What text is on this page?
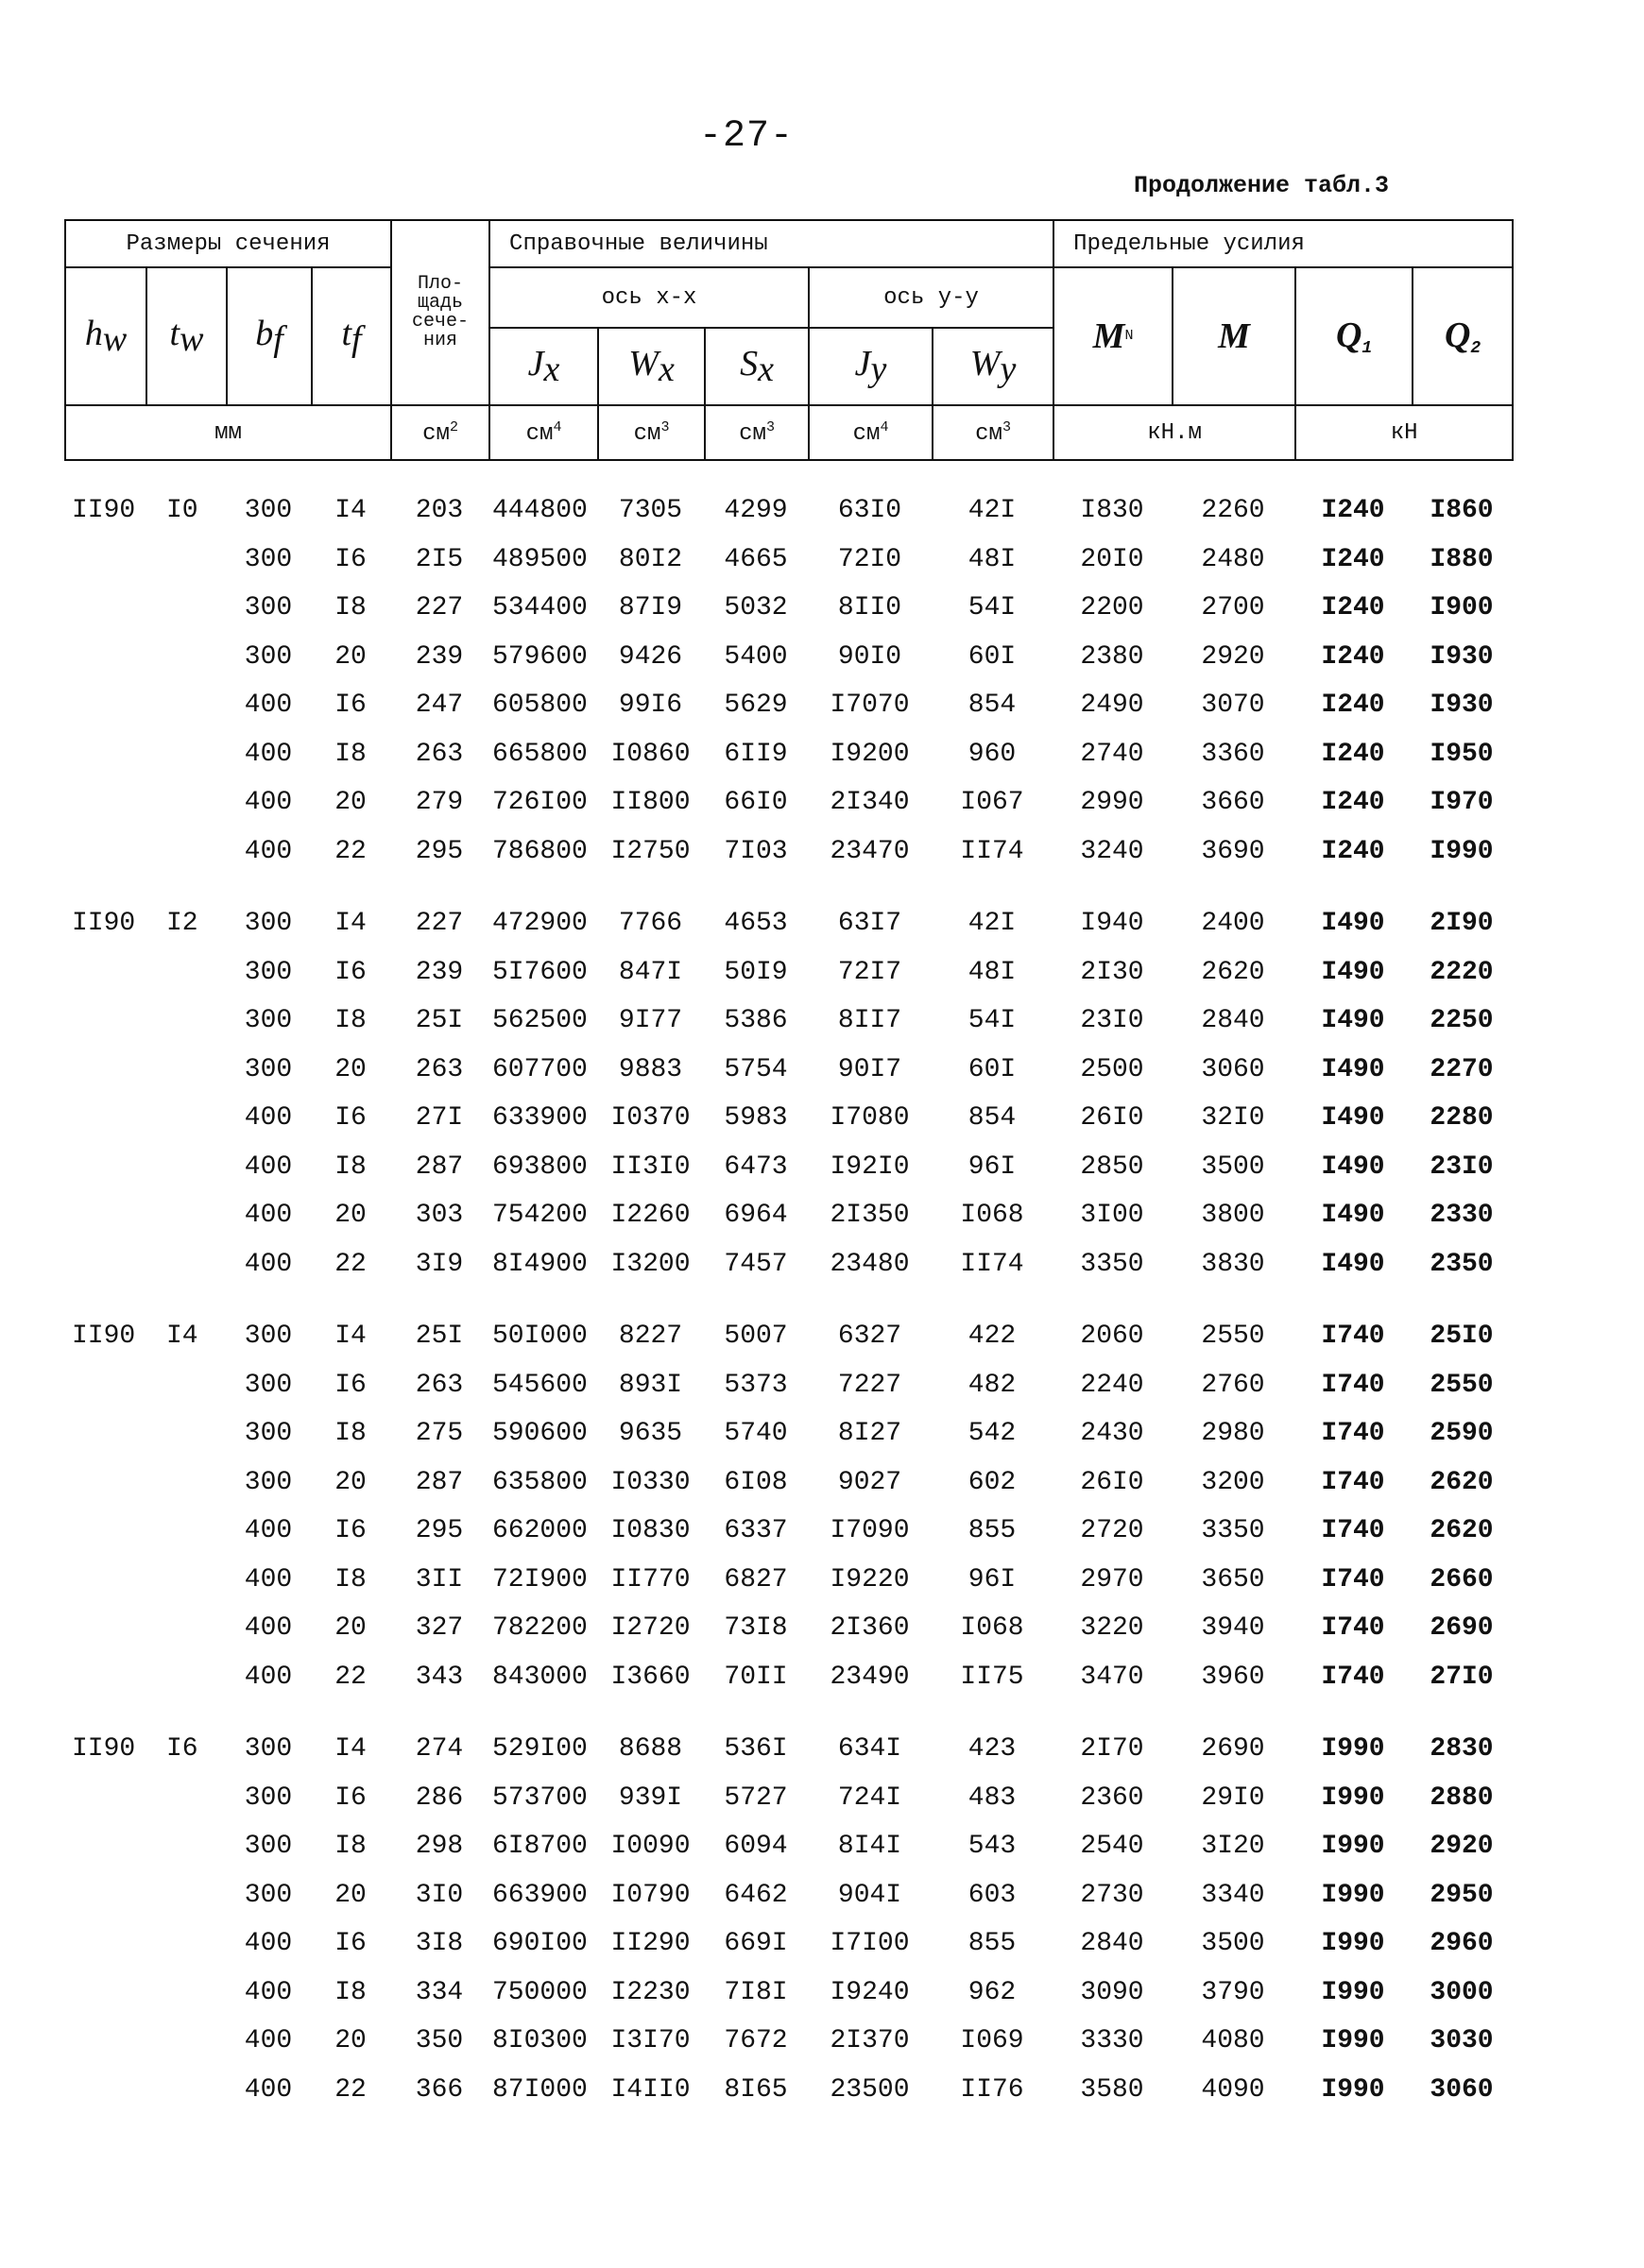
-27-
Продолжение табл.3
Размеры сечения				Пло-
щадь
сече-
ния	Справочные величины					Предельные усилия			
$h_w$	$t_w$	$b_f$	$t_f$		ось x-x			ось y-y		$M^N$	M	$Q_1$	$Q_2$
					$J_x$	$W_x$	$S_x$	$J_y$	$W_y$
мм				$см^2$	$см^4$	$см^3$	$см^3$	$см^4$	$см^3$	кН.м		кН	
II90	I0	300	I4	203	444800	7305	4299	63I0	42I	I830	2260	I240	I860
		300	I6	2I5	489500	80I2	4665	72I0	48I	20I0	2480	I240	I880
		300	I8	227	534400	87I9	5032	8II0	54I	2200	2700	I240	I900
		300	20	239	579600	9426	5400	90I0	60I	2380	2920	I240	I930
		400	I6	247	605800	99I6	5629	I7070	854	2490	3070	I240	I930
		400	I8	263	665800	I0860	6II9	I9200	960	2740	3360	I240	I950
		400	20	279	726I00	II800	66I0	2I340	I067	2990	3660	I240	I970
		400	22	295	786800	I2750	7I03	23470	II74	3240	3690	I240	I990

II90	I2	300	I4	227	472900	7766	4653	63I7	42I	I940	2400	I490	2I90
		300	I6	239	5I7600	847I	50I9	72I7	48I	2I30	2620	I490	2220
		300	I8	25I	562500	9I77	5386	8II7	54I	23I0	2840	I490	2250
		300	20	263	607700	9883	5754	90I7	60I	2500	3060	I490	2270
		400	I6	27I	633900	I0370	5983	I7080	854	26I0	32I0	I490	2280
		400	I8	287	693800	II3I0	6473	I92I0	96I	2850	3500	I490	23I0
		400	20	303	754200	I2260	6964	2I350	I068	3I00	3800	I490	2330
		400	22	3I9	8I4900	I3200	7457	23480	II74	3350	3830	I490	2350

II90	I4	300	I4	25I	50I000	8227	5007	6327	422	2060	2550	I740	25I0
		300	I6	263	545600	893I	5373	7227	482	2240	2760	I740	2550
		300	I8	275	590600	9635	5740	8I27	542	2430	2980	I740	2590
		300	20	287	635800	I0330	6I08	9027	602	26I0	3200	I740	2620
		400	I6	295	662000	I0830	6337	I7090	855	2720	3350	I740	2620
		400	I8	3II	72I900	II770	6827	I9220	96I	2970	3650	I740	2660
		400	20	327	782200	I2720	73I8	2I360	I068	3220	3940	I740	2690
		400	22	343	843000	I3660	70II	23490	II75	3470	3960	I740	27I0

II90	I6	300	I4	274	529I00	8688	536I	634I	423	2I70	2690	I990	2830
		300	I6	286	573700	939I	5727	724I	483	2360	29I0	I990	2880
		300	I8	298	6I8700	I0090	6094	8I4I	543	2540	3I20	I990	2920
		300	20	3I0	663900	I0790	6462	904I	603	2730	3340	I990	2950
		400	I6	3I8	690I00	II290	669I	I7I00	855	2840	3500	I990	2960
		400	I8	334	750000	I2230	7I8I	I9240	962	3090	3790	I990	3000
		400	20	350	8I0300	I3I70	7672	2I370	I069	3330	4080	I990	3030
		400	22	366	87I000	I4II0	8I65	23500	II76	3580	4090	I990	3060
